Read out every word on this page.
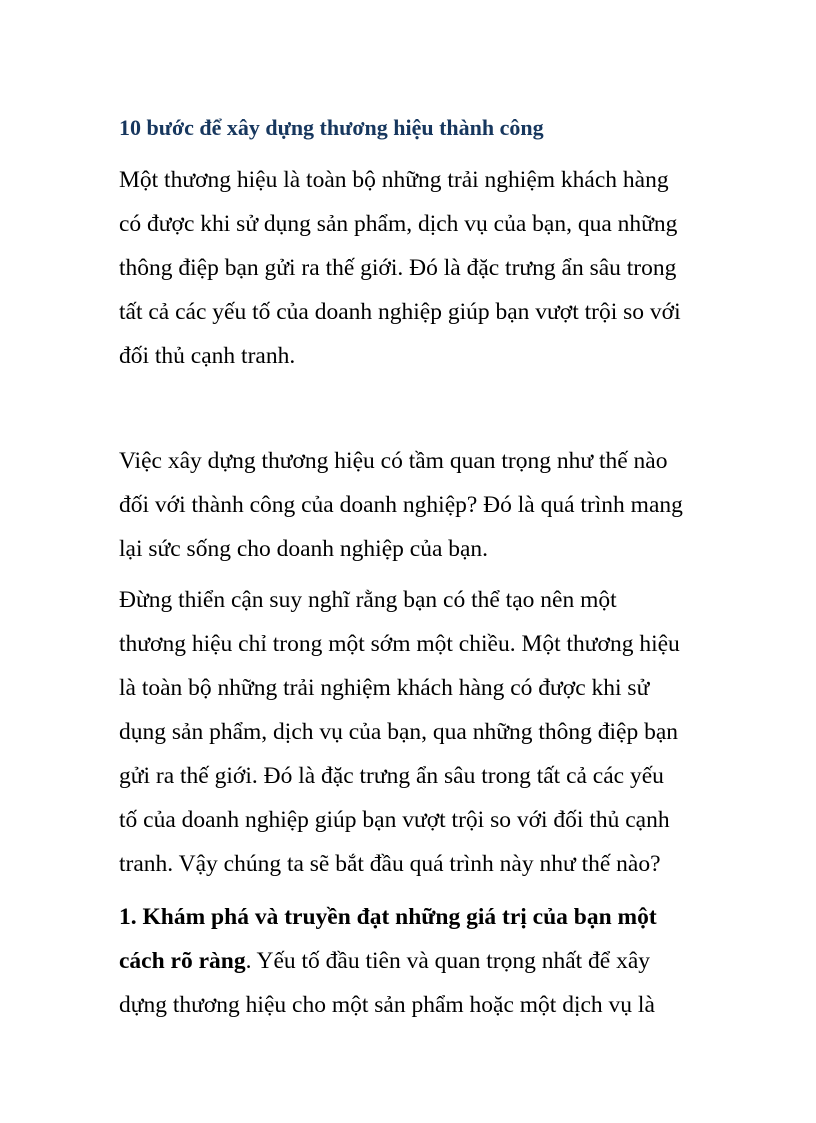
10 bước để xây dựng thương hiệu thành công

Một thương hiệu là toàn bộ những trải nghiệm khách hàng
có được khi sử dụng sản phẩm, dịch vụ của bạn, qua những
thông điệp bạn gửi ra thế giới. Đó là đặc trưng ẩn sâu trong
tất cả các yếu tố của doanh nghiệp giúp bạn vượt trội so với
đối thủ cạnh tranh.

Việc xây dựng thương hiệu có tầm quan trọng như thế nào
đối với thành công của doanh nghiệp? Đó là quá trình mang
lại sức sống cho doanh nghiệp của bạn.

Đừng thiển cận suy nghĩ rằng bạn có thể tạo nên một
thương hiệu chỉ trong một sớm một chiều. Một thương hiệu
là toàn bộ những trải nghiệm khách hàng có được khi sử
dụng sản phẩm, dịch vụ của bạn, qua những thông điệp bạn
gửi ra thế giới. Đó là đặc trưng ẩn sâu trong tất cả các yếu
tố của doanh nghiệp giúp bạn vượt trội so với đối thủ cạnh
tranh. Vậy chúng ta sẽ bắt đầu quá trình này như thế nào?

1. Khám phá và truyền đạt những giá trị của bạn một
cách rõ ràng. Yếu tố đầu tiên và quan trọng nhất để xây
dựng thương hiệu cho một sản phẩm hoặc một dịch vụ là
